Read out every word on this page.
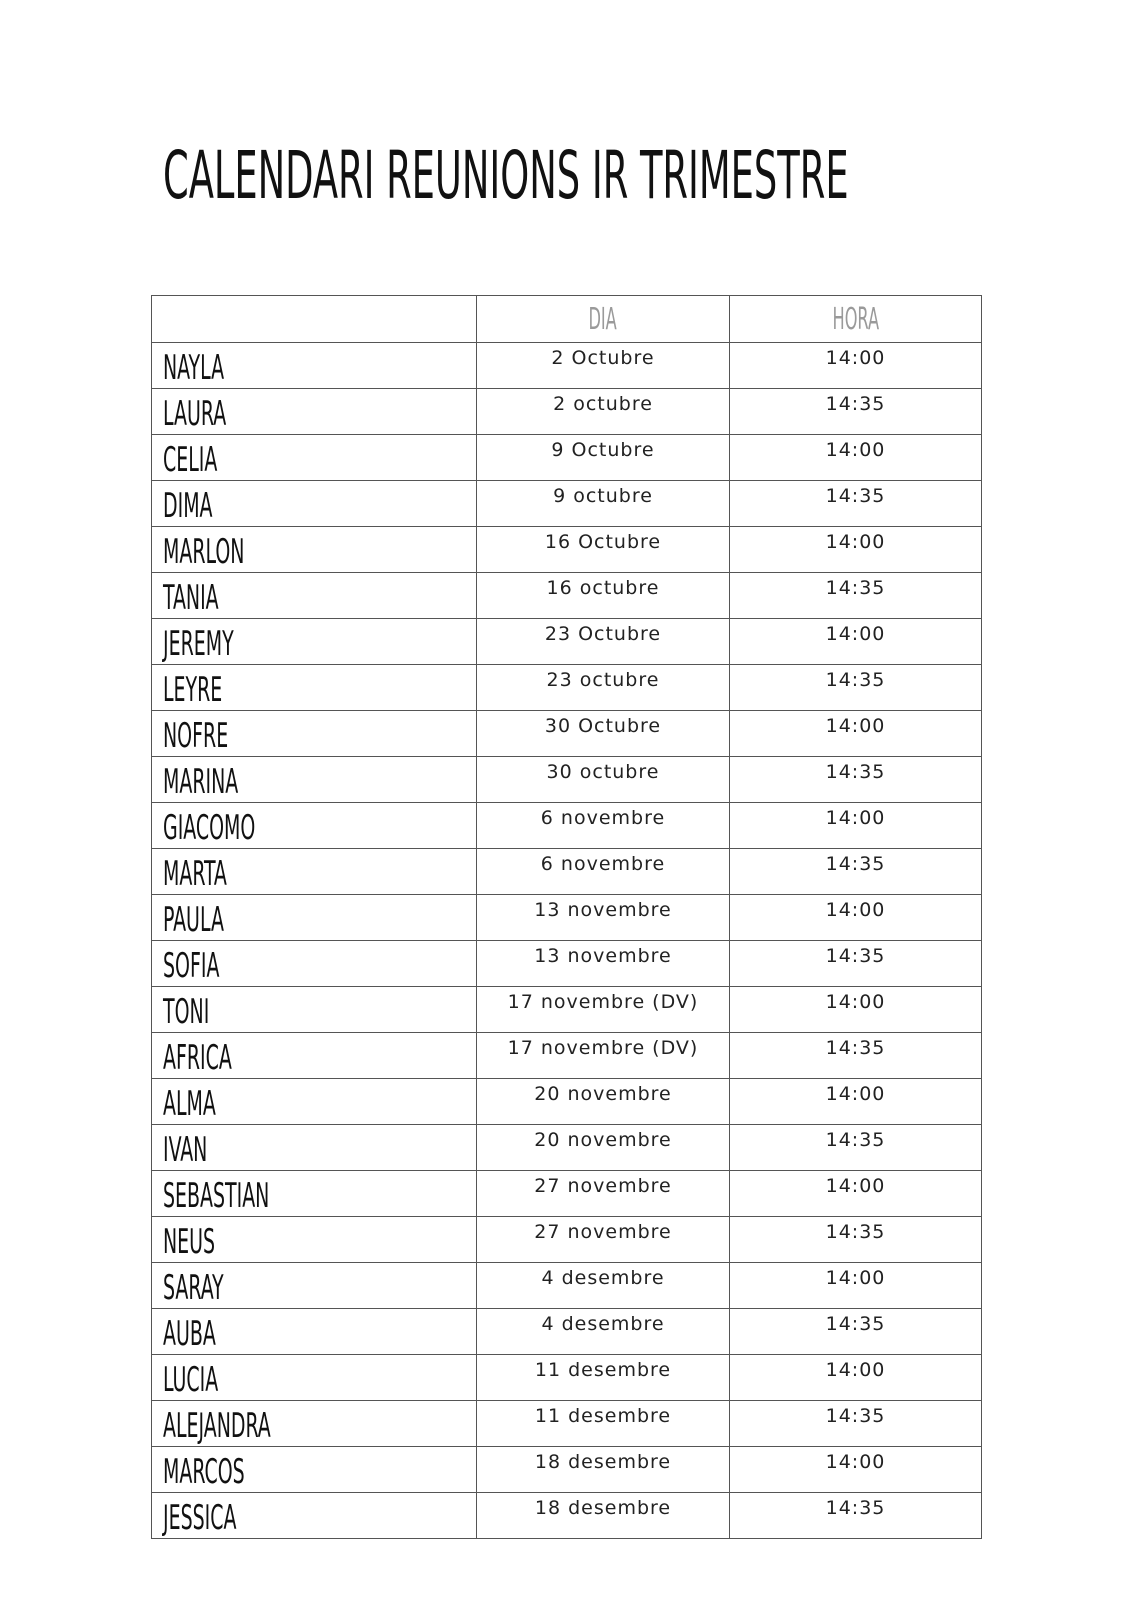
CALENDARI REUNIONS IR TRIMESTRE
	DIA	HORA
NAYLA	2 Octubre	14:00
LAURA	2 octubre	14:35
CELIA	9 Octubre	14:00
DIMA	9 octubre	14:35
MARLON	16 Octubre	14:00
TANIA	16 octubre	14:35
JEREMY	23 Octubre	14:00
LEYRE	23 octubre	14:35
NOFRE	30 Octubre	14:00
MARINA	30 octubre	14:35
GIACOMO	6 novembre	14:00
MARTA	6 novembre	14:35
PAULA	13 novembre	14:00
SOFIA	13 novembre	14:35
TONI	17 novembre (DV)	14:00
AFRICA	17 novembre (DV)	14:35
ALMA	20 novembre	14:00
IVAN	20 novembre	14:35
SEBASTIAN	27 novembre	14:00
NEUS	27 novembre	14:35
SARAY	4 desembre	14:00
AUBA	4 desembre	14:35
LUCIA	11 desembre	14:00
ALEJANDRA	11 desembre	14:35
MARCOS	18 desembre	14:00
JESSICA	18 desembre	14:35
